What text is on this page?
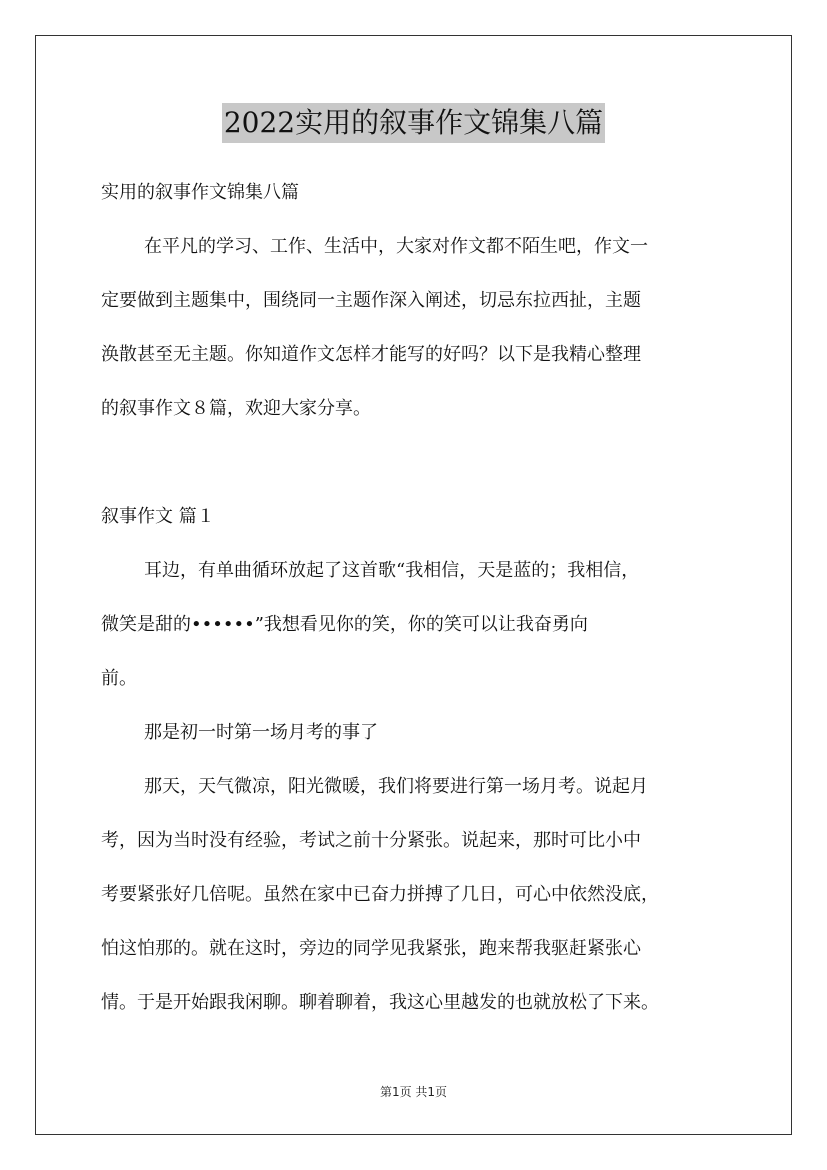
2022实用的叙事作文锦集八篇
实用的叙事作文锦集八篇
在平凡的学习、工作、生活中，大家对作文都不陌生吧，作文一
定要做到主题集中，围绕同一主题作深入阐述，切忌东拉西扯，主题
涣散甚至无主题。你知道作文怎样才能写的好吗？以下是我精心整理
的叙事作文８篇，欢迎大家分享。
叙事作文 篇１
耳边，有单曲循环放起了这首歌“我相信，天是蓝的；我相信，
微笑是甜的••••••”我想看见你的笑，你的笑可以让我奋勇向
前。
那是初一时第一场月考的事了
那天，天气微凉，阳光微暖，我们将要进行第一场月考。说起月
考，因为当时没有经验，考试之前十分紧张。说起来，那时可比小中
考要紧张好几倍呢。虽然在家中已奋力拼搏了几日，可心中依然没底，
怕这怕那的。就在这时，旁边的同学见我紧张，跑来帮我驱赶紧张心
情。于是开始跟我闲聊。聊着聊着，我这心里越发的也就放松了下来。
第1页 共1页
